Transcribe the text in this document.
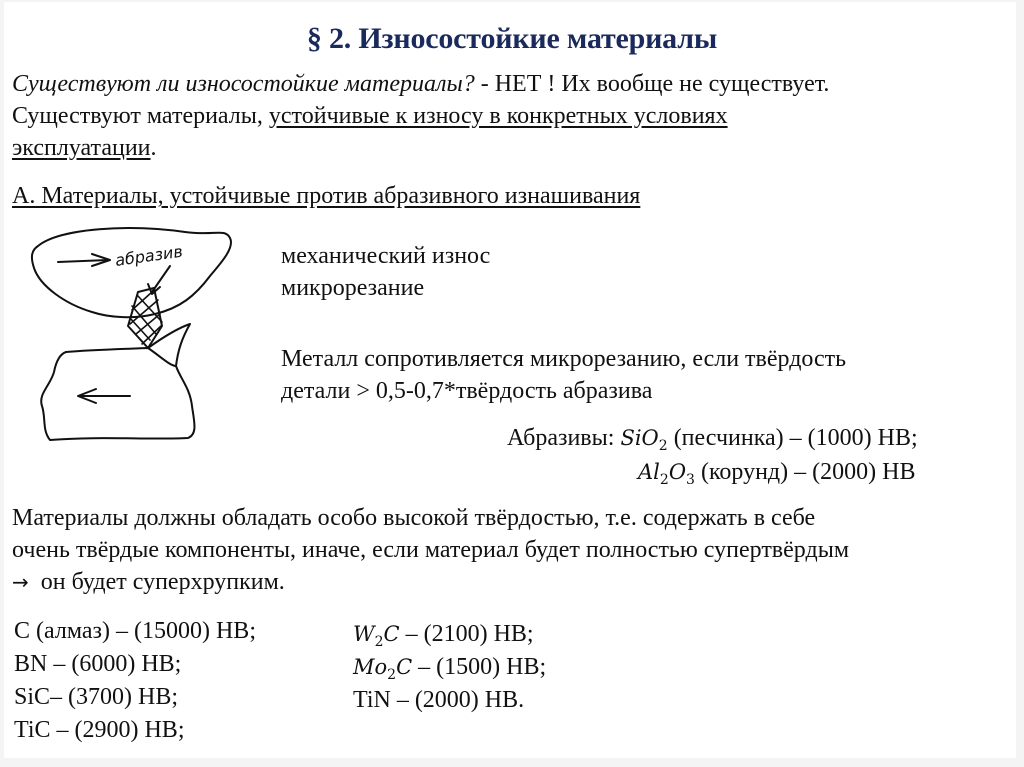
§ 2. Износостойкие материалы
Существуют ли износостойкие материалы? - НЕТ ! Их вообще не существует.
Существуют материалы, устойчивые к износу в конкретных условиях
эксплуатации.
А. Материалы, устойчивые против абразивного изнашивания
абразив	механический износ
микрорезание
Металл сопротивляется микрорезанию, если твёрдость
детали > 0,5-0,7*твёрдость абразива
Абразивы: SiO$_2$ (песчинка) – (1000) НВ;
$Al_2O_3$ (корунд) – (2000) НВ
Материалы должны обладать особо высокой твёрдостью, т.е. содержать в себе
очень твёрдые компоненты, иначе, если материал будет полностью супертвёрдым
→ он будет суперхрупким.
С (алмаз) – (15000) НВ;
BN – (6000) НВ;
SiC– (3700) НВ;
TiC – (2900) НВ;
$W_2C - (2100)$ НВ;
$Mo_2C - (1500)$ НВ;
TiN – (2000) НВ.
